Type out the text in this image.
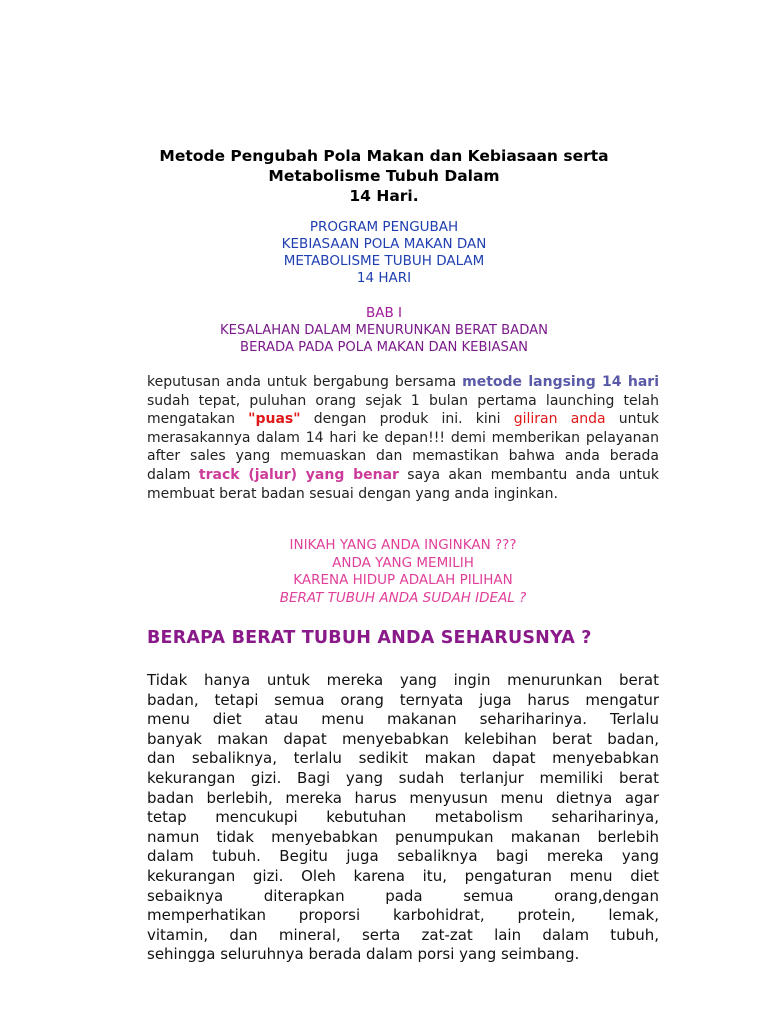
Metode Pengubah Pola Makan dan Kebiasaan serta
Metabolisme Tubuh Dalam
14 Hari.
PROGRAM PENGUBAH
KEBIASAAN POLA MAKAN DAN
METABOLISME TUBUH DALAM
14 HARI
BAB I
KESALAHAN DALAM MENURUNKAN BERAT BADAN
BERADA PADA POLA MAKAN DAN KEBIASAN
keputusan anda untuk bergabung bersama metode langsing 14 hari sudah tepat, puluhan orang sejak 1 bulan pertama launching telah mengatakan "puas" dengan produk ini. kini giliran anda untuk merasakannya dalam 14 hari ke depan!!! demi memberikan pelayanan after sales yang memuaskan dan memastikan bahwa anda berada dalam track (jalur) yang benar saya akan membantu anda untuk membuat berat badan sesuai dengan yang anda inginkan.
INIKAH YANG ANDA INGINKAN ???
ANDA YANG MEMILIH
KARENA HIDUP ADALAH PILIHAN
BERAT TUBUH ANDA SUDAH IDEAL ?
BERAPA BERAT TUBUH ANDA SEHARUSNYA ?
Tidak hanya untuk mereka yang ingin menurunkan berat
badan, tetapi semua orang ternyata juga harus mengatur
menu diet atau menu makanan sehariharinya. Terlalu
banyak makan dapat menyebabkan kelebihan berat badan,
dan sebaliknya, terlalu sedikit makan dapat menyebabkan
kekurangan gizi. Bagi yang sudah terlanjur memiliki berat
badan berlebih, mereka harus menyusun menu dietnya agar
tetap mencukupi kebutuhan metabolism sehariharinya,
namun tidak menyebabkan penumpukan makanan berlebih
dalam tubuh. Begitu juga sebaliknya bagi mereka yang
kekurangan gizi. Oleh karena itu, pengaturan menu diet
sebaiknya diterapkan pada semua orang,dengan
memperhatikan proporsi karbohidrat, protein, lemak,
vitamin, dan mineral, serta zat-zat lain dalam tubuh,
sehingga seluruhnya berada dalam porsi yang seimbang.
